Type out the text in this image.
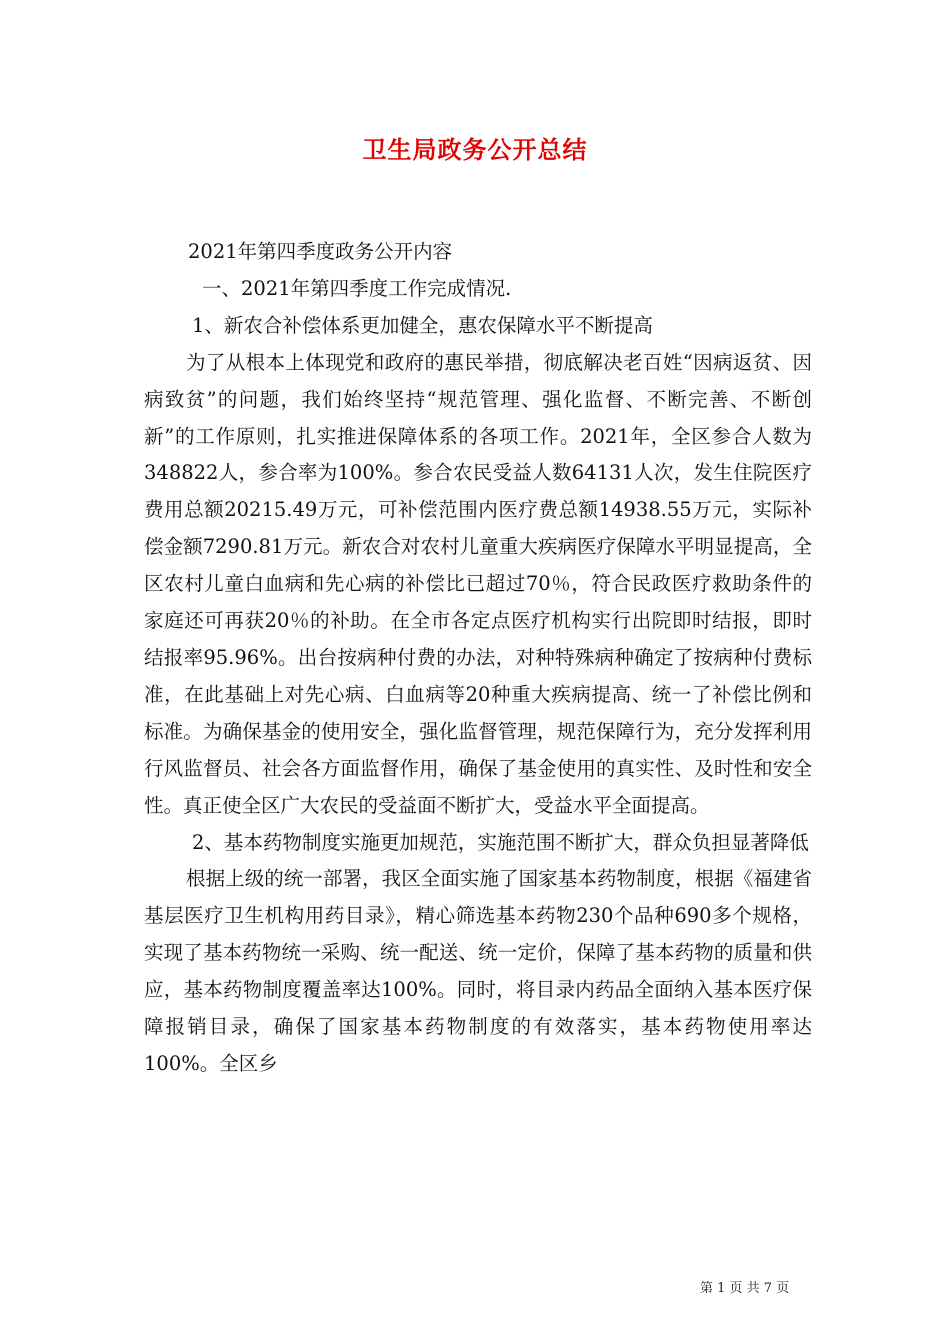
卫生局政务公开总结

2021年第四季度政务公开内容

一、2021年第四季度工作完成情况.

1、新农合补偿体系更加健全，惠农保障水平不断提高

为了从根本上体现党和政府的惠民举措，彻底解决老百姓“因病返贫、因病致贫”的问题，我们始终坚持“规范管理、强化监督、不断完善、不断创新”的工作原则，扎实推进保障体系的各项工作。2021年，全区参合人数为348822人，参合率为100%。参合农民受益人数64131人次，发生住院医疗费用总额20215.49万元，可补偿范围内医疗费总额14938.55万元，实际补偿金额7290.81万元。新农合对农村儿童重大疾病医疗保障水平明显提高，全区农村儿童白血病和先心病的补偿比已超过70％，符合民政医疗救助条件的家庭还可再获20％的补助。在全市各定点医疗机构实行出院即时结报，即时结报率95.96%。出台按病种付费的办法，对种特殊病种确定了按病种付费标准，在此基础上对先心病、白血病等20种重大疾病提高、统一了补偿比例和标准。为确保基金的使用安全，强化监督管理，规范保障行为，充分发挥利用行风监督员、社会各方面监督作用，确保了基金使用的真实性、及时性和安全性。真正使全区广大农民的受益面不断扩大，受益水平全面提高。

2、基本药物制度实施更加规范，实施范围不断扩大，群众负担显著降低

根据上级的统一部署，我区全面实施了国家基本药物制度，根据《福建省基层医疗卫生机构用药目录》，精心筛选基本药物230个品种690多个规格，实现了基本药物统一采购、统一配送、统一定价，保障了基本药物的质量和供应，基本药物制度覆盖率达100%。同时，将目录内药品全面纳入基本医疗保障报销目录，确保了国家基本药物制度的有效落实，基本药物使用率达100%。全区乡

第 1 页 共 7 页
